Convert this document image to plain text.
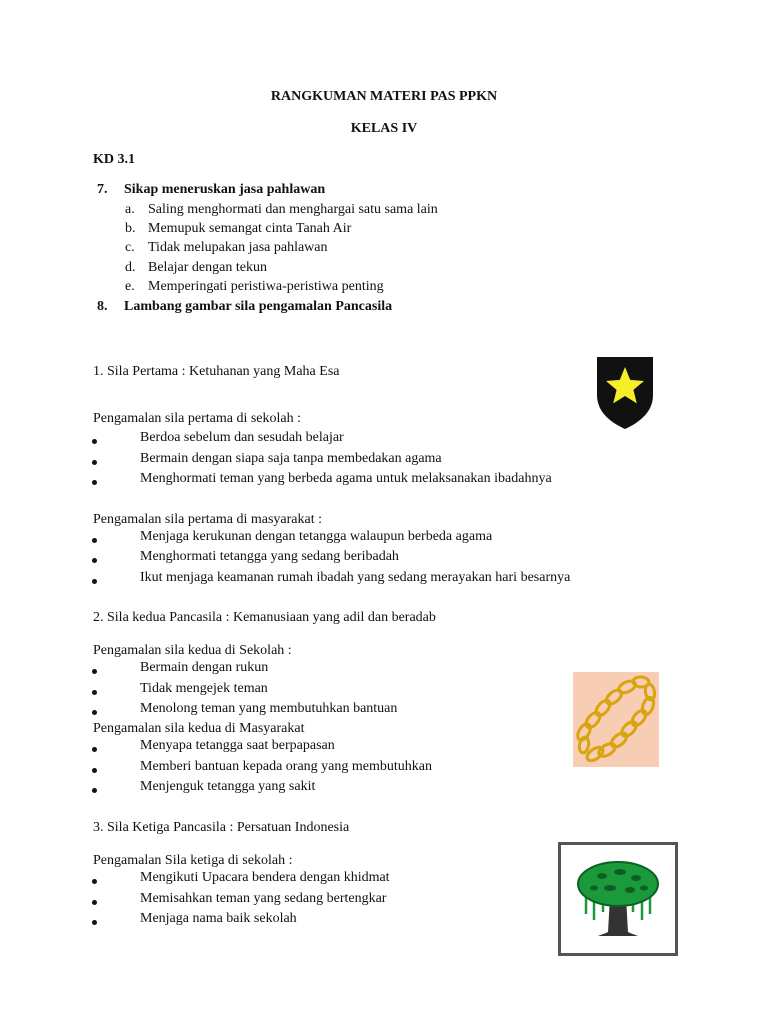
RANGKUMAN MATERI PAS PPKN
KELAS IV
KD 3.1
7. Sikap meneruskan jasa pahlawan
a. Saling menghormati dan menghargai satu sama lain
b. Memupuk semangat cinta Tanah Air
c. Tidak melupakan jasa pahlawan
d. Belajar dengan tekun
e. Memperingati peristiwa-peristiwa penting
8. Lambang gambar sila pengamalan Pancasila
1. Sila Pertama : Ketuhanan yang Maha Esa
Pengamalan sila pertama di sekolah :
Berdoa sebelum dan sesudah belajar
Bermain dengan siapa saja tanpa membedakan agama
Menghormati teman yang berbeda agama untuk melaksanakan ibadahnya
Pengamalan sila pertama di masyarakat :
Menjaga kerukunan dengan tetangga walaupun berbeda agama
Menghormati tetangga yang sedang beribadah
Ikut menjaga keamanan rumah ibadah yang sedang merayakan hari besarnya
2. Sila kedua Pancasila : Kemanusiaan yang adil dan beradab
Pengamalan sila kedua di Sekolah :
Bermain dengan rukun
Tidak mengejek teman
Menolong teman yang membutuhkan bantuan
Pengamalan sila kedua di Masyarakat
Menyapa tetangga saat berpapasan
Memberi bantuan kepada orang yang membutuhkan
Menjenguk tetangga yang sakit
3. Sila Ketiga Pancasila : Persatuan Indonesia
Pengamalan Sila ketiga di sekolah :
Mengikuti Upacara bendera dengan khidmat
Memisahkan teman yang sedang bertengkar
Menjaga nama baik sekolah
